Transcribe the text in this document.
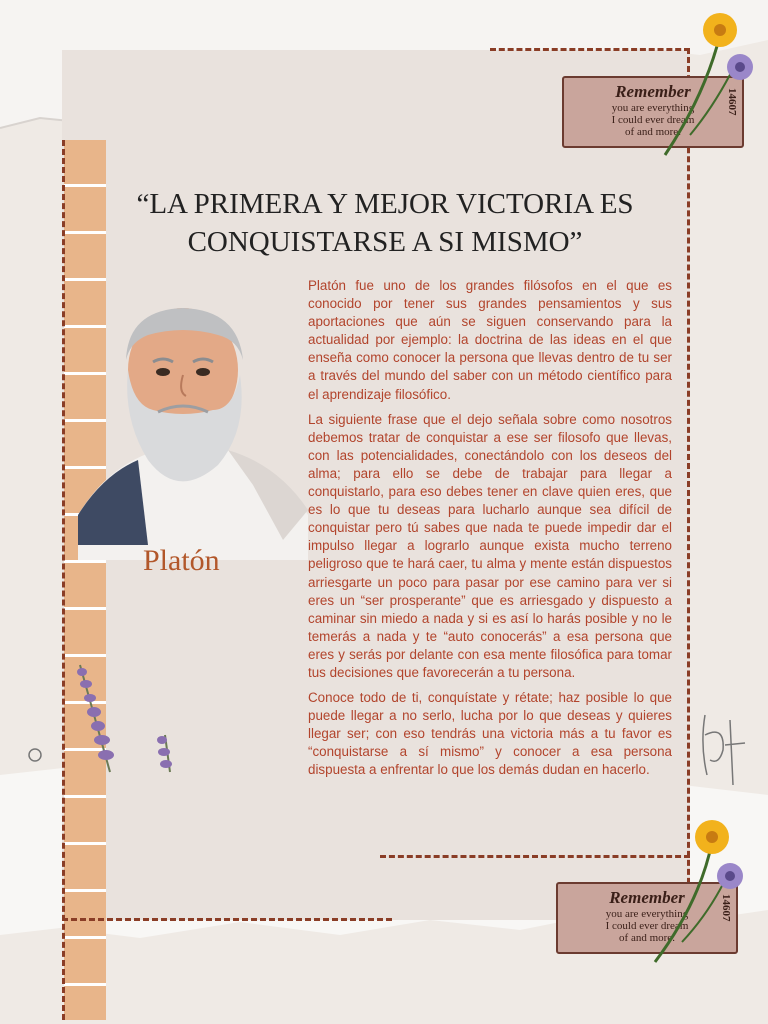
“LA PRIMERA Y MEJOR VICTORIA ES CONQUISTARSE A SI MISMO”
Platón

Platón fue uno de los grandes filósofos en el que es conocido por tener sus grandes pensamientos y sus aportaciones que aún se siguen conservando para la actualidad por ejemplo: la doctrina de las ideas en el que enseña como conocer la persona que llevas dentro de tu ser a través del mundo del saber con un método científico para el aprendizaje filosófico.

La siguiente frase que el dejo señala sobre como nosotros debemos tratar de conquistar a ese ser filosofo que llevas, con las potencialidades, conectándolo con los deseos del alma; para ello se debe de trabajar para llegar a conquistarlo, para eso debes tener en clave quien eres, que es lo que tu deseas para lucharlo aunque sea difícil de conquistar pero tú sabes que nada te puede impedir dar el impulso llegar a lograrlo aunque exista mucho terreno peligroso que te hará caer, tu alma y mente están dispuestos arriesgarte un poco para pasar por ese camino para ver si eres un “ser prosperante” que es arriesgado y dispuesto a caminar sin miedo a nada y si es así lo harás posible y no le temerás a nada y te “auto conocerás” a esa persona que eres y serás por delante con esa mente filosófica para tomar tus decisiones que favorecerán a tu persona.

Conoce todo de ti, conquístate y rétate; haz posible lo que puede llegar a no serlo, lucha por lo que deseas y quieres llegar ser; con eso tendrás una victoria más a tu favor es “conquistarse a sí mismo” y conocer a esa persona dispuesta a enfrentar lo que los demás dudan en hacerlo.

Remember
you are everything
I could ever dream
of and more.
14607
Remember
you are everything
I could ever dream
of and more.
14607
